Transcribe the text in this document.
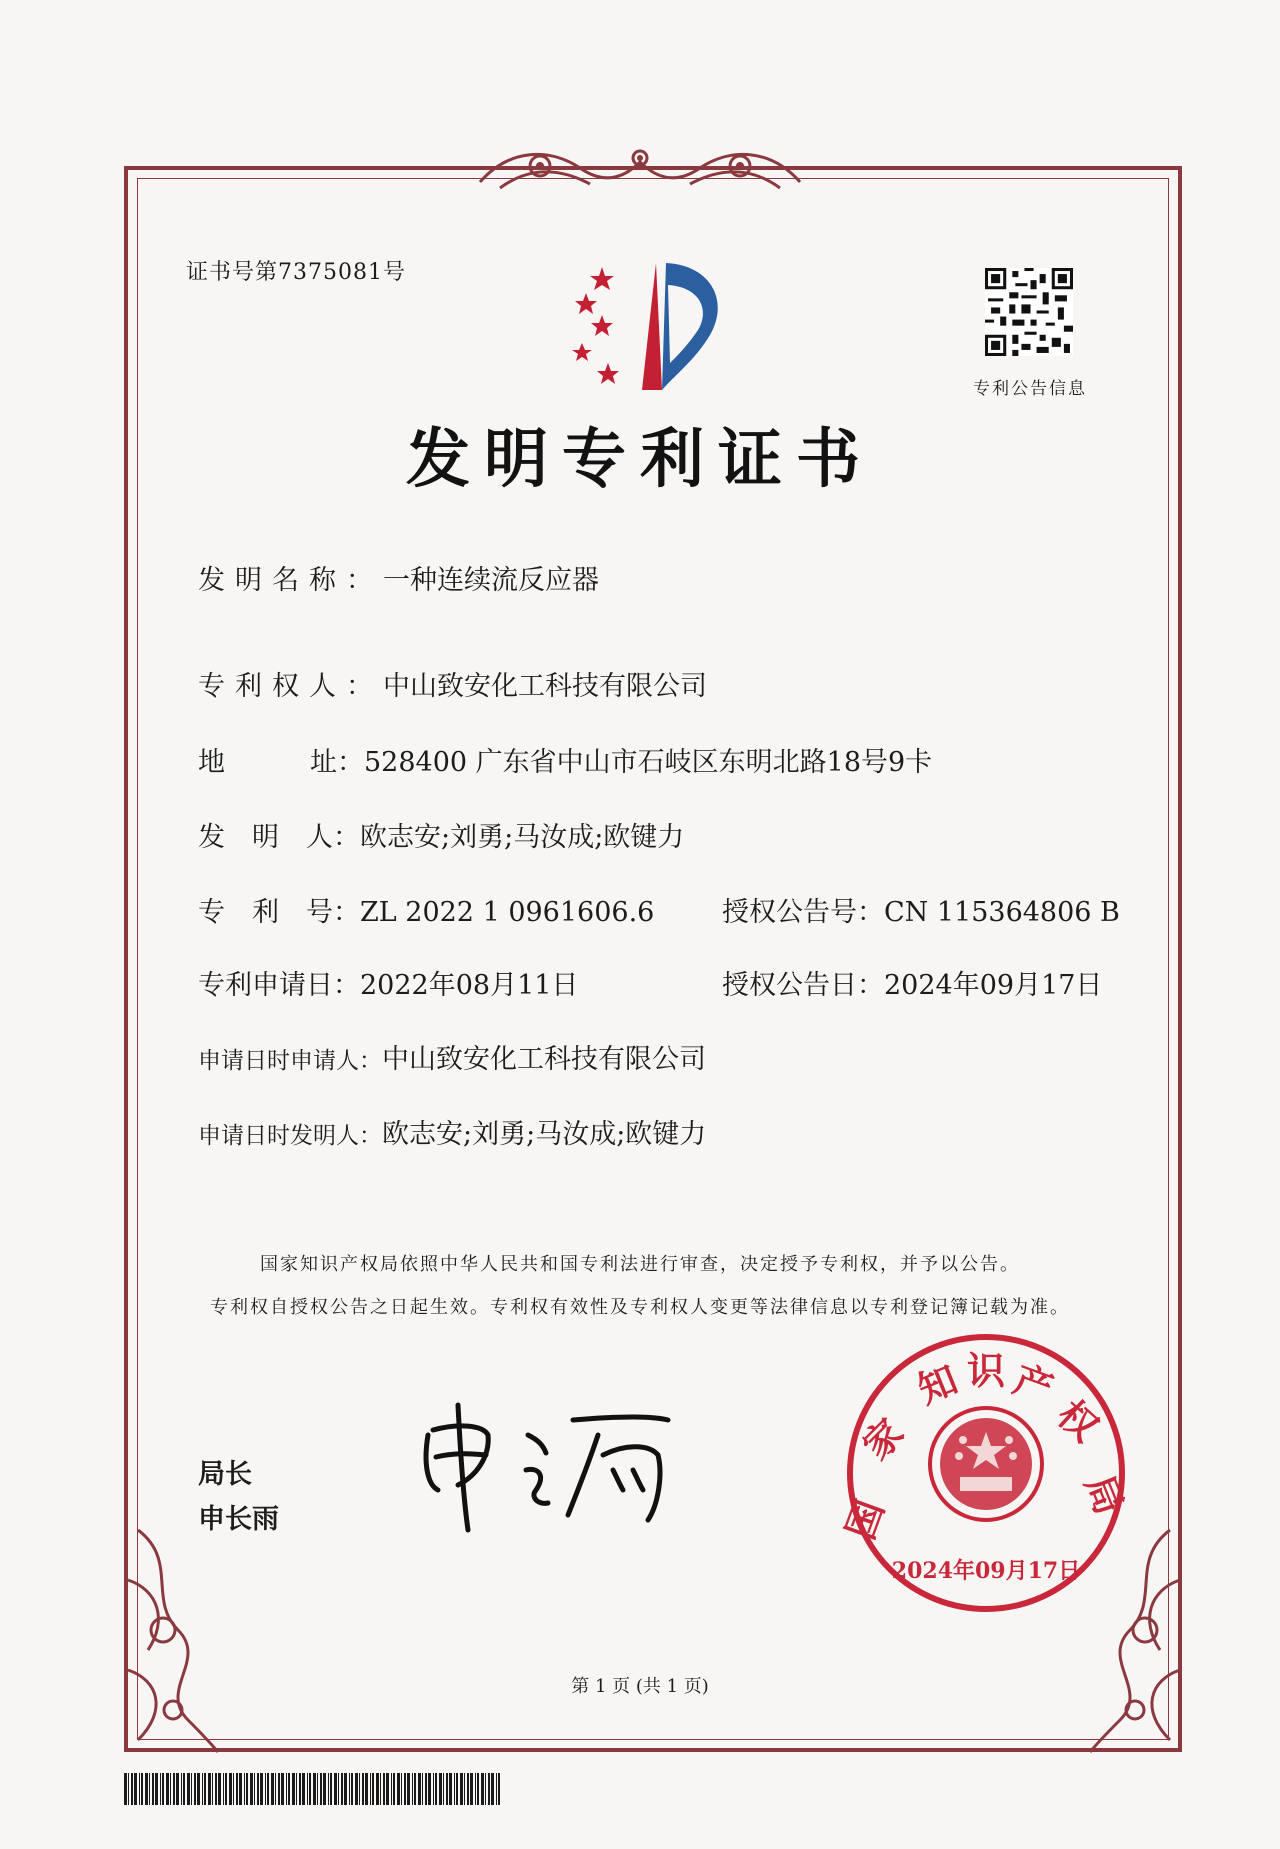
证书号第7375081号
专利公告信息
发明专利证书
发明名称：一种连续流反应器
专利权人：中山致安化工科技有限公司
地	址：528400 广东省中山市石岐区东明北路18号9卡
发　明　人：欧志安;刘勇;马汝成;欧键力
专　利　号：ZL 2022 1 0961606.6	授权公告号：CN 115364806 B
专利申请日：2022年08月11日	授权公告日：2024年09月17日
申请日时申请人：中山致安化工科技有限公司
申请日时发明人：欧志安;刘勇;马汝成;欧键力
国家知识产权局依照中华人民共和国专利法进行审查，决定授予专利权，并予以公告。
专利权自授权公告之日起生效。专利权有效性及专利权人变更等法律信息以专利登记簿记载为准。
局长
申长雨	国
家
知 识 产
权
局
2024年09月17日
第 1 页 (共 1 页)
